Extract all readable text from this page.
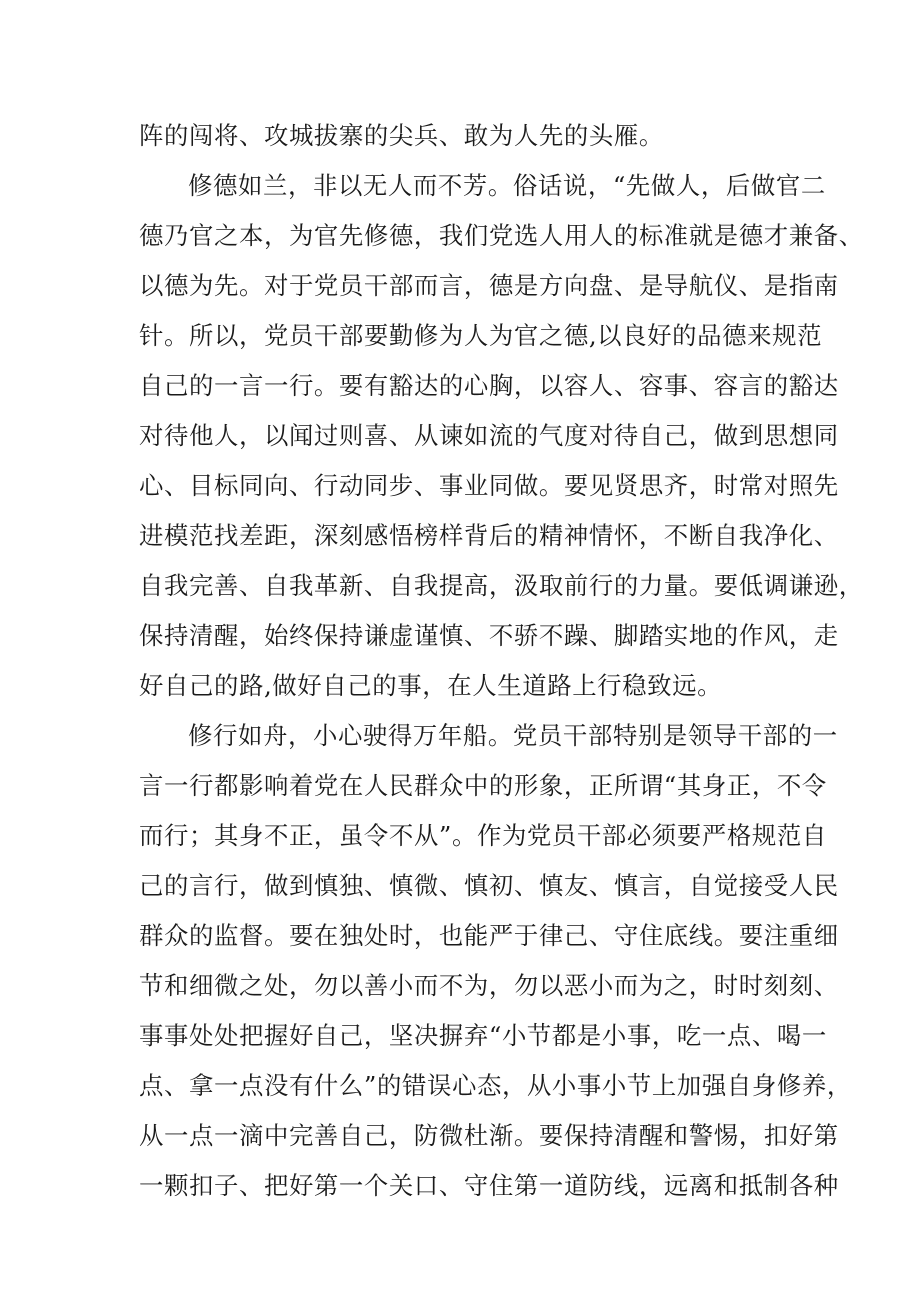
阵的闯将、攻城拔寨的尖兵、敢为人先的头雁。
修德如兰，非以无人而不芳。俗话说，“先做人，后做官二
德乃官之本，为官先修德，我们党选人用人的标准就是德才兼备、
以德为先。对于党员干部而言，德是方向盘、是导航仪、是指南
针。所以，党员干部要勤修为人为官之德,以良好的品德来规范
自己的一言一行。要有豁达的心胸，以容人、容事、容言的豁达
对待他人，以闻过则喜、从谏如流的气度对待自己，做到思想同
心、目标同向、行动同步、事业同做。要见贤思齐，时常对照先
进模范找差距，深刻感悟榜样背后的精神情怀，不断自我净化、
自我完善、自我革新、自我提高，汲取前行的力量。要低调谦逊，
保持清醒，始终保持谦虚谨慎、不骄不躁、脚踏实地的作风，走
好自己的路,做好自己的事，在人生道路上行稳致远。
修行如舟，小心驶得万年船。党员干部特别是领导干部的一
言一行都影响着党在人民群众中的形象，正所谓“其身正，不令
而行；其身不正，虽令不从”。作为党员干部必须要严格规范自
己的言行，做到慎独、慎微、慎初、慎友、慎言，自觉接受人民
群众的监督。要在独处时，也能严于律己、守住底线。要注重细
节和细微之处，勿以善小而不为，勿以恶小而为之，时时刻刻、
事事处处把握好自己，坚决摒弃“小节都是小事，吃一点、喝一
点、拿一点没有什么”的错误心态，从小事小节上加强自身修养，
从一点一滴中完善自己，防微杜渐。要保持清醒和警惕，扣好第
一颗扣子、把好第一个关口、守住第一道防线，远离和抵制各种
